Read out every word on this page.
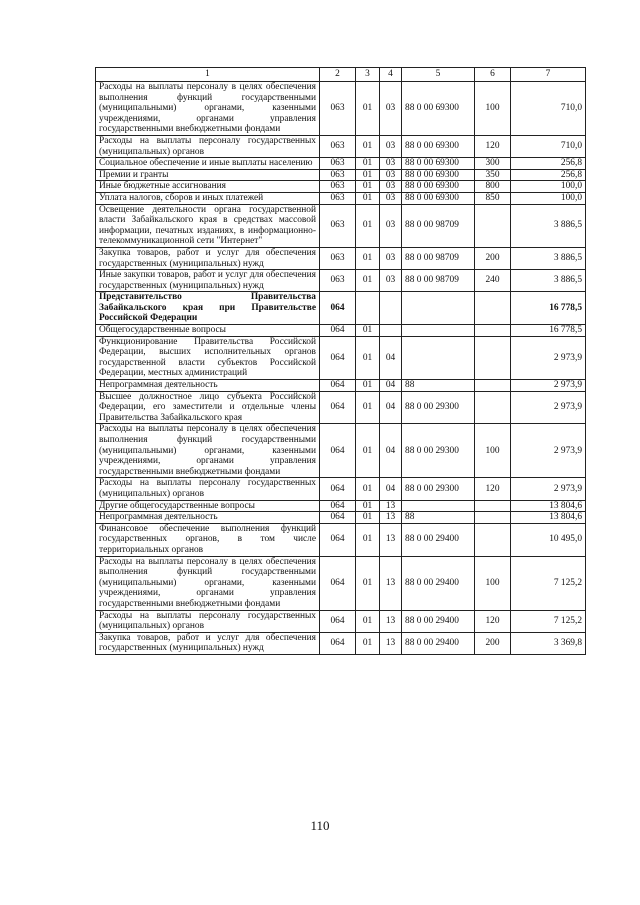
1	2	3	4	5	6	7
Расходы на выплаты персоналу в целях обеспечения выполнения функций государственными (муниципальными) органами, казенными учреждениями, органами управления государственными внебюджетными фондами	063	01	03	88 0 00 69300	100	710,0
Расходы на выплаты персоналу государственных (муниципальных) органов	063	01	03	88 0 00 69300	120	710,0
Социальное обеспечение и иные выплаты населению	063	01	03	88 0 00 69300	300	256,8
Премии и гранты	063	01	03	88 0 00 69300	350	256,8
Иные бюджетные ассигнования	063	01	03	88 0 00 69300	800	100,0
Уплата налогов, сборов и иных платежей	063	01	03	88 0 00 69300	850	100,0
Освещение деятельности органа государственной власти Забайкальского края в средствах массовой информации, печатных изданиях, в информационно-телекоммуникационной сети "Интернет"	063	01	03	88 0 00 98709		3 886,5
Закупка товаров, работ и услуг для обеспечения государственных (муниципальных) нужд	063	01	03	88 0 00 98709	200	3 886,5
Иные закупки товаров, работ и услуг для обеспечения государственных (муниципальных) нужд	063	01	03	88 0 00 98709	240	3 886,5
Представительство Правительства Забайкальского края при Правительстве Российской Федерации	064					16 778,5
Общегосударственные вопросы	064	01				16 778,5
Функционирование Правительства Российской Федерации, высших исполнительных органов государственной власти субъектов Российской Федерации, местных администраций	064	01	04			2 973,9
Непрограммная деятельность	064	01	04	88		2 973,9
Высшее должностное лицо субъекта Российской Федерации, его заместители и отдельные члены Правительства Забайкальского края	064	01	04	88 0 00 29300		2 973,9
Расходы на выплаты персоналу в целях обеспечения выполнения функций государственными (муниципальными) органами, казенными учреждениями, органами управления государственными внебюджетными фондами	064	01	04	88 0 00 29300	100	2 973,9
Расходы на выплаты персоналу государственных (муниципальных) органов	064	01	04	88 0 00 29300	120	2 973,9
Другие общегосударственные вопросы	064	01	13			13 804,6
Непрограммная деятельность	064	01	13	88		13 804,6
Финансовое обеспечение выполнения функций государственных органов, в том числе территориальных органов	064	01	13	88 0 00 29400		10 495,0
Расходы на выплаты персоналу в целях обеспечения выполнения функций государственными (муниципальными) органами, казенными учреждениями, органами управления государственными внебюджетными фондами	064	01	13	88 0 00 29400	100	7 125,2
Расходы на выплаты персоналу государственных (муниципальных) органов	064	01	13	88 0 00 29400	120	7 125,2
Закупка товаров, работ и услуг для обеспечения государственных (муниципальных) нужд	064	01	13	88 0 00 29400	200	3 369,8
110
